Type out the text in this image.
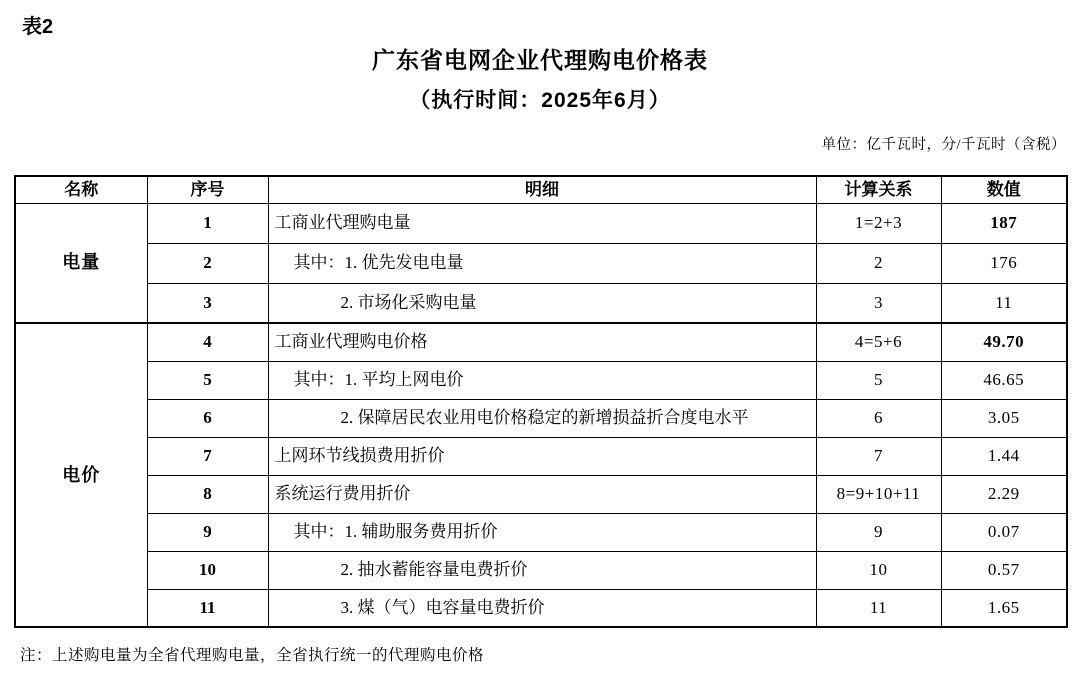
表2
广东省电网企业代理购电价格表
（执行时间：2025年6月）
单位：亿千瓦时，分/千瓦时（含税）
名称	序号	明细	计算关系	数值
电量	1	工商业代理购电量	1=2+3	187
	2	其中：1. 优先发电电量	2	176
	3	2. 市场化采购电量	3	11
电价	4	工商业代理购电价格	4=5+6	49.70
	5	其中：1. 平均上网电价	5	46.65
	6	2. 保障居民农业用电价格稳定的新增损益折合度电水平	6	3.05
	7	上网环节线损费用折价	7	1.44
	8	系统运行费用折价	8=9+10+11	2.29
	9	其中：1. 辅助服务费用折价	9	0.07
	10	2. 抽水蓄能容量电费折价	10	0.57
	11	3. 煤（气）电容量电费折价	11	1.65
注：上述购电量为全省代理购电量，全省执行统一的代理购电价格
